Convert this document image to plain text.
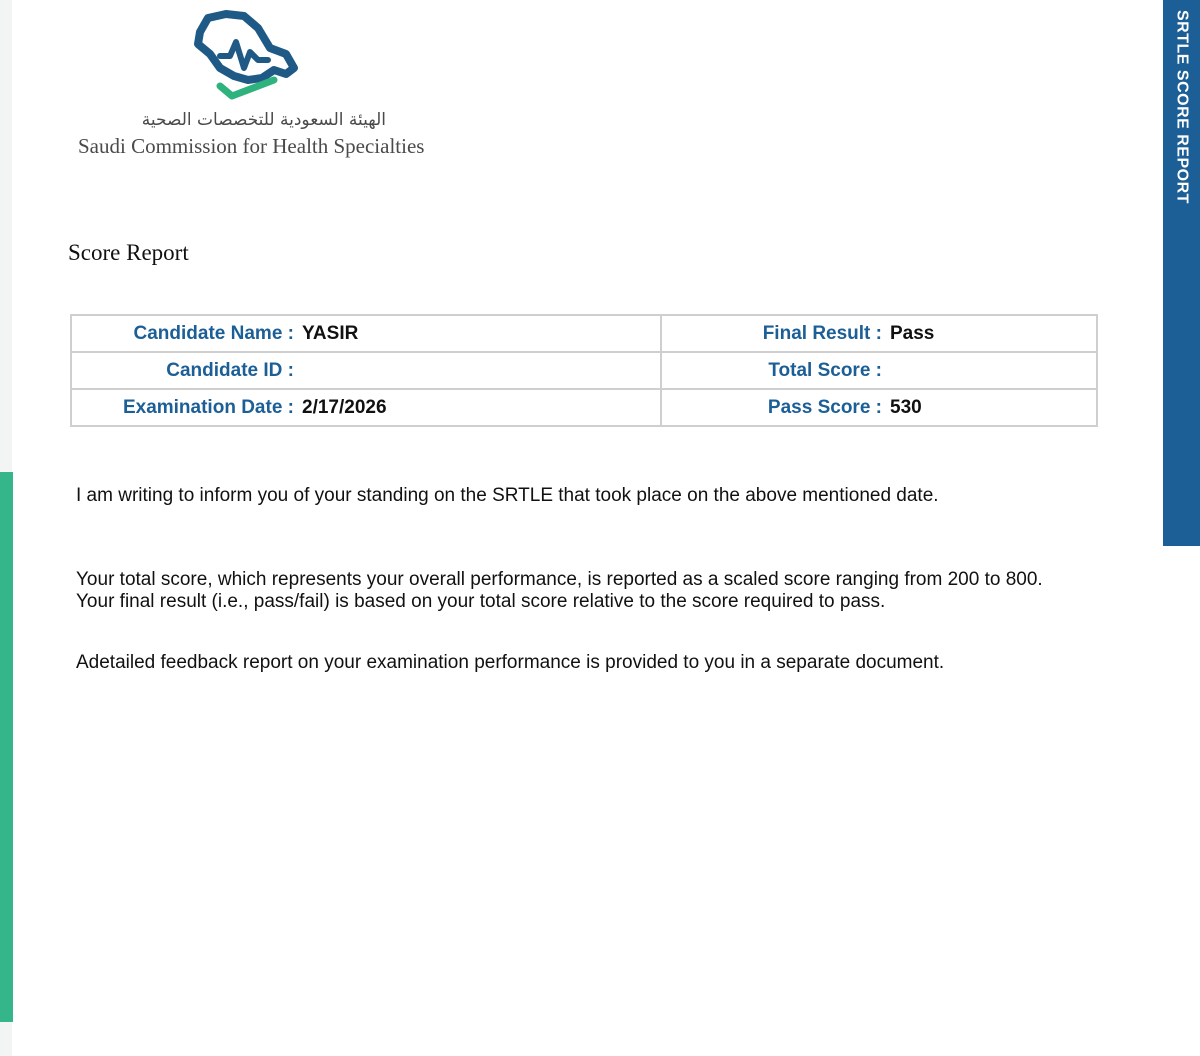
SRTLE SCORE REPORT
الهيئة السعودية للتخصصات الصحية
Saudi Commission for Health Specialties
Score Report
Candidate Name : YASIR	Final Result : Pass

Candidate ID :	Total Score :

Examination Date : 2/17/2026	Pass Score : 530
I am writing to inform you of your standing on the SRTLE that took place on the above mentioned date.
Your total score, which represents your overall performance, is reported as a scaled score ranging from 200 to 800. Your final result (i.e., pass/fail) is based on your total score relative to the score required to pass.
Adetailed feedback report on your examination performance is provided to you in a separate document.
